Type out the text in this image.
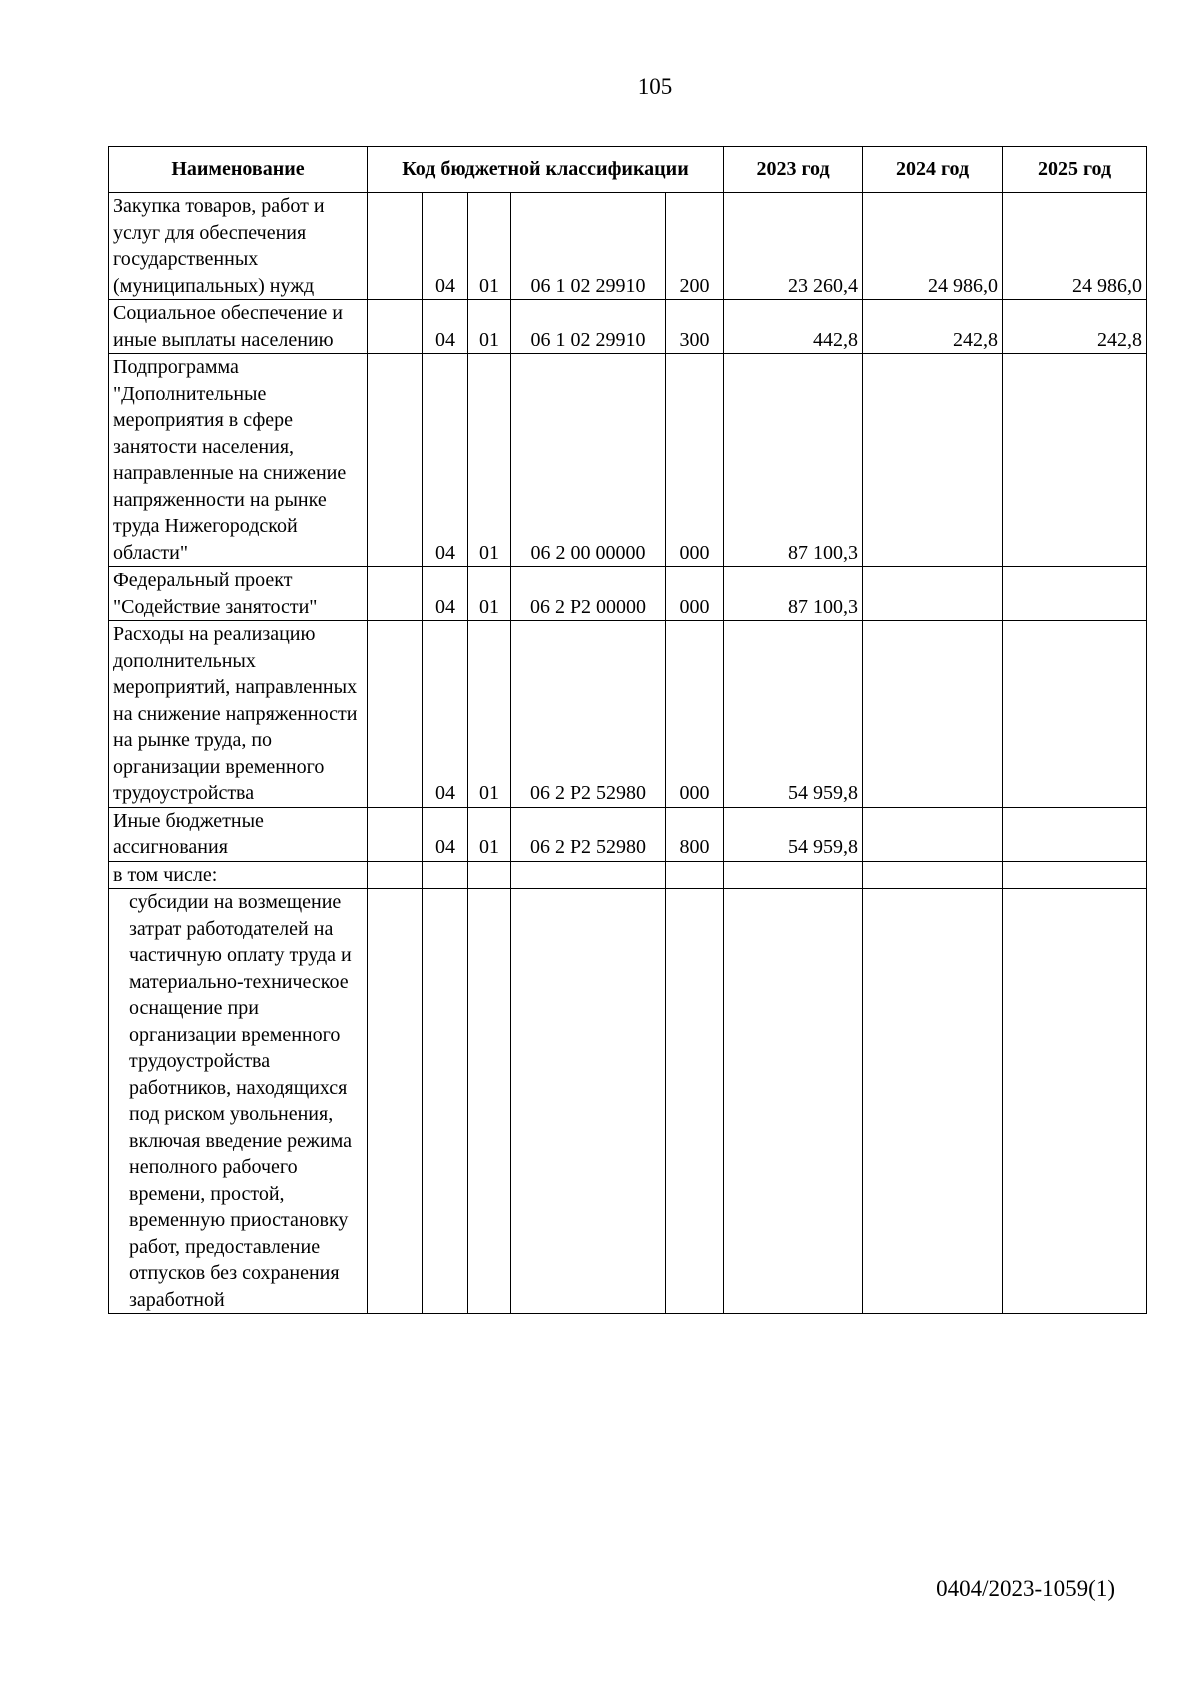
105
Наименование	Код бюджетной классификации					2023 год	2024 год	2025 год
Закупка товаров, работ и услуг для обеспечения государственных (муниципальных) нужд		04	01	06 1 02 29910	200	23 260,4	24 986,0	24 986,0
Социальное обеспечение и иные выплаты населению		04	01	06 1 02 29910	300	442,8	242,8	242,8
Подпрограмма "Дополнительные мероприятия в сфере занятости населения, направленные на снижение напряженности на рынке труда Нижегородской области"		04	01	06 2 00 00000	000	87 100,3		
Федеральный проект "Содействие занятости"		04	01	06 2 P2 00000	000	87 100,3		
Расходы на реализацию дополнительных мероприятий, направленных на снижение напряженности на рынке труда, по организации временного трудоустройства		04	01	06 2 P2 52980	000	54 959,8		
Иные бюджетные ассигнования		04	01	06 2 P2 52980	800	54 959,8		
в том числе:								
субсидии на возмещение затрат работодателей на частичную оплату труда и материально-техническое оснащение при организации временного трудоустройства работников, находящихся под риском увольнения, включая введение режима неполного рабочего времени, простой, временную приостановку работ, предоставление отпусков без сохранения заработной								
0404/2023-1059(1)
